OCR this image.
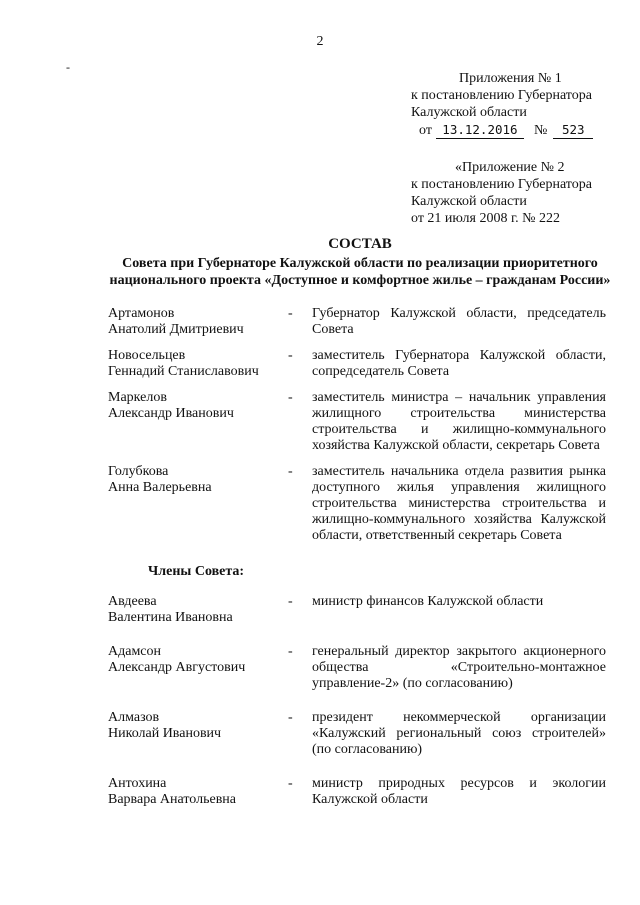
2
-
Приложения № 1
к постановлению Губернатора
Калужской области
от 13.12.2016	№	523
«Приложение № 2
к постановлению Губернатора
Калужской области
от 21 июля 2008 г. № 222
СОСТАВ
Совета при Губернаторе Калужской области по реализации приоритетного
национального проекта «Доступное и комфортное жилье – гражданам России»
Артамонов
Анатолий Дмитриевич
-	Губернатор Калужской области, председатель Совета
Новосельцев
Геннадий Станиславович
-	заместитель Губернатора Калужской области, сопредседатель Совета
Маркелов
Александр Иванович
-	заместитель министра – начальник управления жилищного строительства министерства строительства и жилищно-коммунального хозяйства Калужской области, секретарь Совета
Голубкова
Анна Валерьевна
-	заместитель начальника отдела развития рынка доступного жилья управления жилищного строительства министерства строительства и жилищно-коммунального хозяйства Калужской области, ответственный секретарь Совета
Члены Совета:
Авдеева
Валентина Ивановна
-	министр финансов Калужской области
Адамсон
Александр Августович
-	генеральный директор закрытого акционерного общества «Строительно-монтажное управление-2» (по согласованию)
Алмазов
Николай Иванович
-	президент некоммерческой организации «Калужский региональный союз строителей» (по согласованию)
Антохина
Варвара Анатольевна
-	министр природных ресурсов и экологии Калужской области
